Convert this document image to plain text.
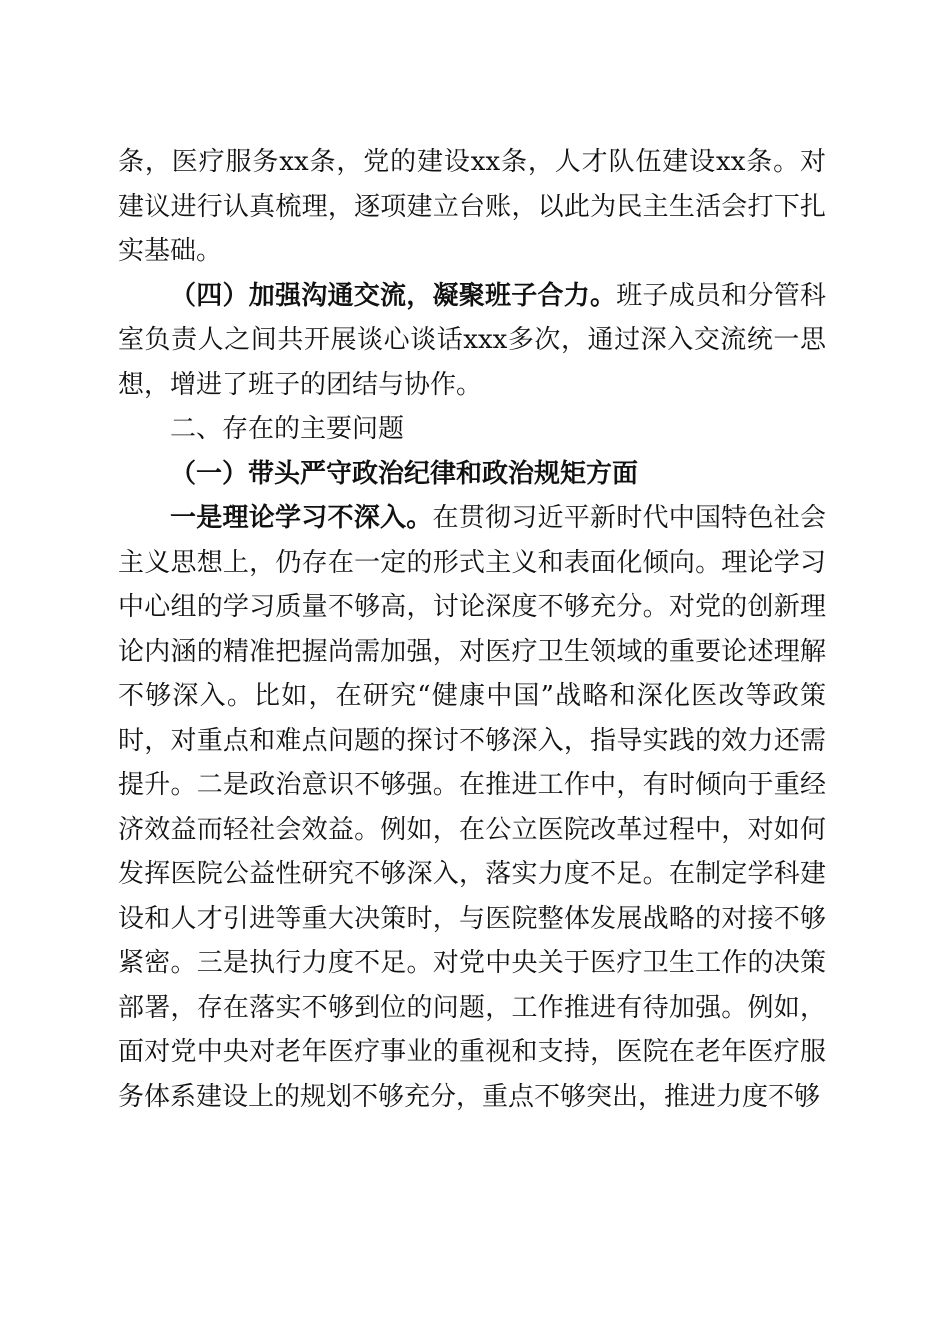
条，医疗服务xx条，党的建设xx条，人才队伍建设xx条。对建议进行认真梳理，逐项建立台账，以此为民主生活会打下扎实基础。

（四）加强沟通交流，凝聚班子合力。班子成员和分管科室负责人之间共开展谈心谈话xxx多次，通过深入交流统一思想，增进了班子的团结与协作。

二、存在的主要问题

（一）带头严守政治纪律和政治规矩方面

一是理论学习不深入。在贯彻习近平新时代中国特色社会主义思想上，仍存在一定的形式主义和表面化倾向。理论学习中心组的学习质量不够高，讨论深度不够充分。对党的创新理论内涵的精准把握尚需加强，对医疗卫生领域的重要论述理解不够深入。比如，在研究“健康中国”战略和深化医改等政策时，对重点和难点问题的探讨不够深入，指导实践的效力还需提升。二是政治意识不够强。在推进工作中，有时倾向于重经济效益而轻社会效益。例如，在公立医院改革过程中，对如何发挥医院公益性研究不够深入，落实力度不足。在制定学科建设和人才引进等重大决策时，与医院整体发展战略的对接不够紧密。三是执行力度不足。对党中央关于医疗卫生工作的决策部署，存在落实不够到位的问题，工作推进有待加强。例如，面对党中央对老年医疗事业的重视和支持，医院在老年医疗服务体系建设上的规划不够充分，重点不够突出，推进力度不够
